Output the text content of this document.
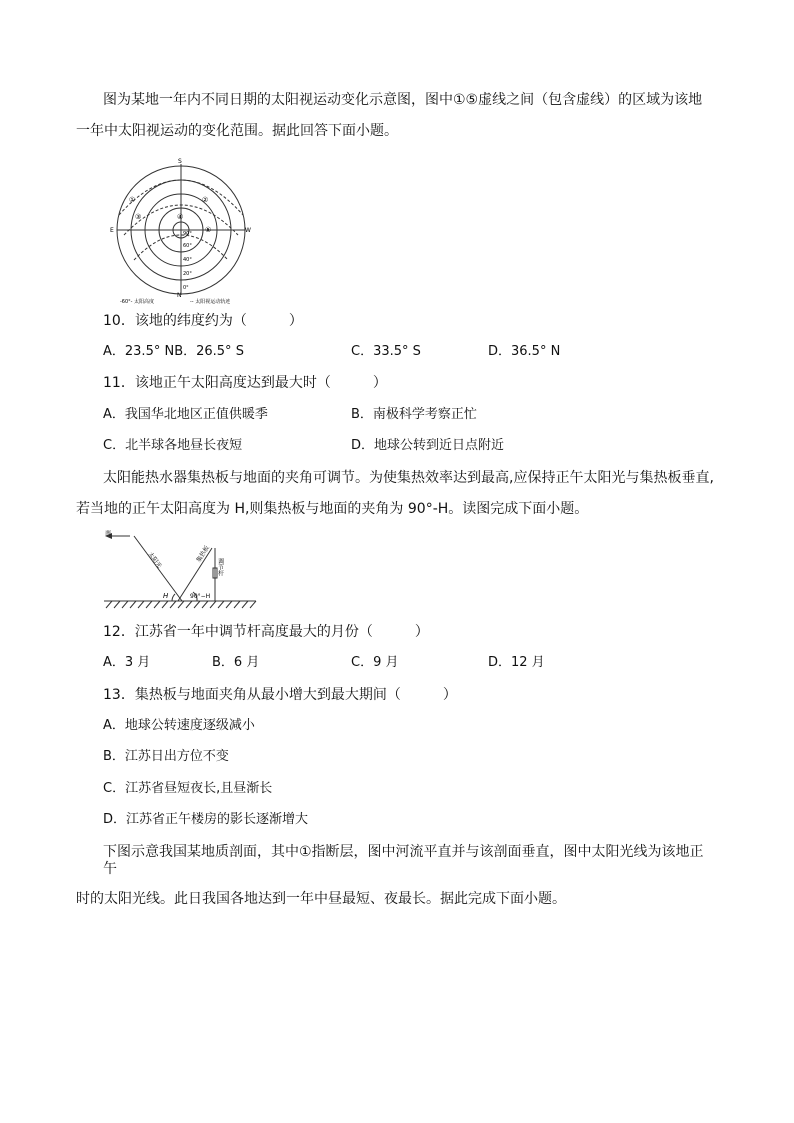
图为某地一年内不同日期的太阳视运动变化示意图，图中①⑤虚线之间（包含虚线）的区域为该地
一年中太阳视运动的变化范围。据此回答下面小题。
S
N
E	W
①	②
③	④
⑤
90°
60°
40°
20°
0°
-60°- 太阳高度	-- 太阳视运动轨迹
10．该地的纬度约为（　　　）
A．23.5° NB．26.5° S	C．33.5° S	D．36.5° N
11．该地正午太阳高度达到最大时（　　　）
A．我国华北地区正值供暖季	B．南极科学考察正忙
C．北半球各地昼长夜短	D．地球公转到近日点附近
太阳能热水器集热板与地面的夹角可调节。为使集热效率达到最高,应保持正午太阳光与集热板垂直,
若当地的正午太阳高度为 H,则集热板与地面的夹角为 90°-H。读图完成下面小题。
南
太阳光	集热板
调节杆
H	90°−H
12．江苏省一年中调节杆高度最大的月份（　　　）
A．3 月	B．6 月	C．9 月	D．12 月
13．集热板与地面夹角从最小增大到最大期间（　　　）
A．地球公转速度逐级减小
B．江苏日出方位不变
C．江苏省昼短夜长,且昼渐长
D．江苏省正午楼房的影长逐渐增大
下图示意我国某地质剖面，其中①指断层，图中河流平直并与该剖面垂直，图中太阳光线为该地正
午
时的太阳光线。此日我国各地达到一年中昼最短、夜最长。据此完成下面小题。
